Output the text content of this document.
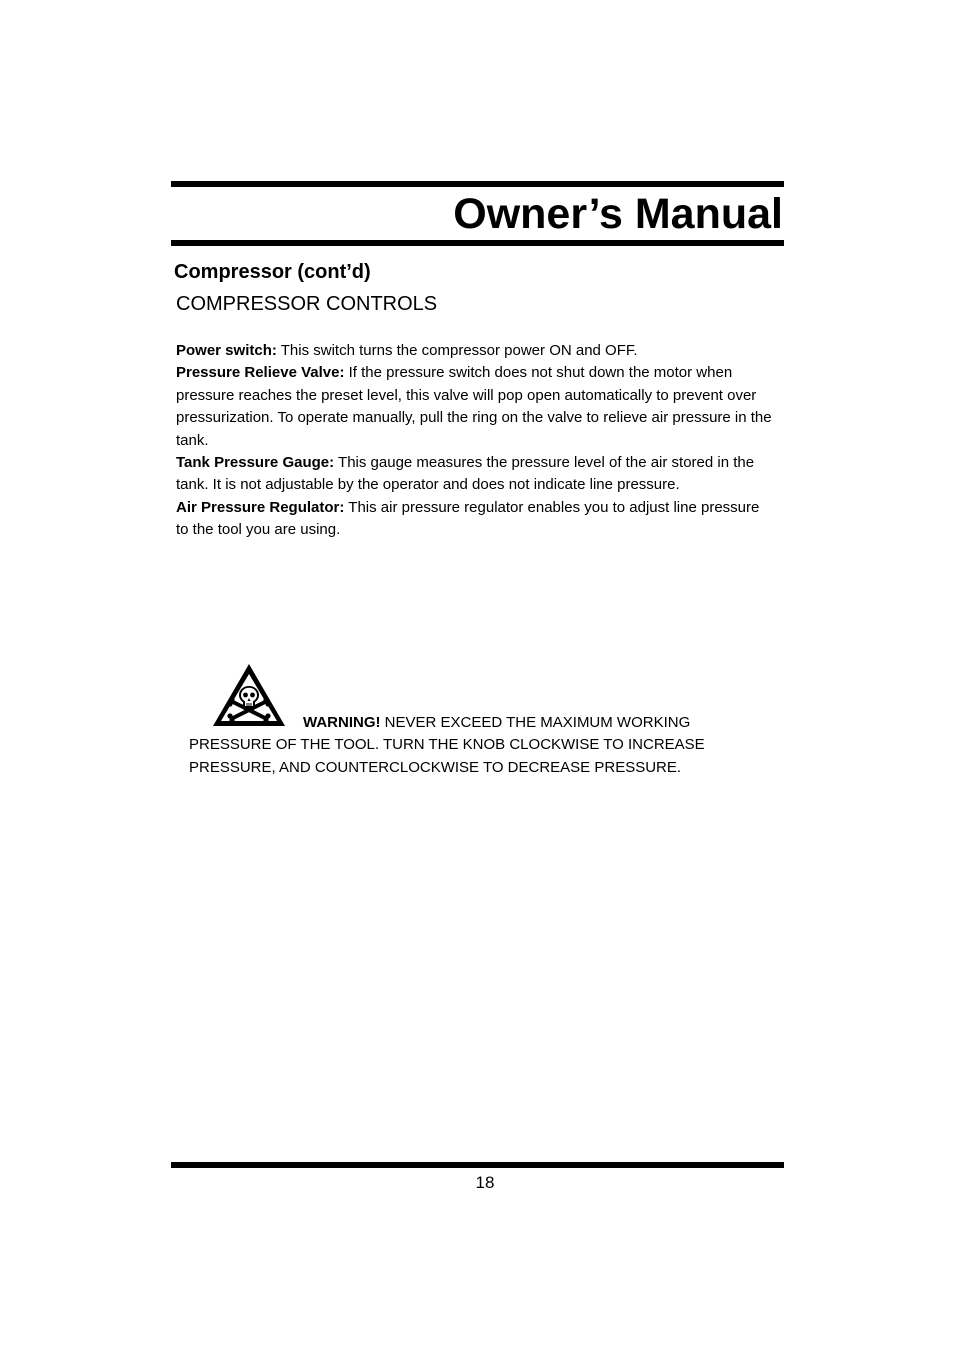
Owner’s Manual
Compressor (cont’d)
COMPRESSOR CONTROLS

Power switch: This switch turns the compressor power ON and OFF.

Pressure Relieve Valve: If the pressure switch does not shut down the motor when pressure reaches the preset level, this valve will pop open automatically to prevent over pressurization. To operate manually, pull the ring on the valve to relieve air pressure in the tank.

Tank Pressure Gauge: This gauge measures the pressure level of the air stored in the tank. It is not adjustable by the operator and does not indicate line pressure.

Air Pressure Regulator: This air pressure regulator enables you to adjust line pressure to the tool you are using.

WARNING! NEVER EXCEED THE MAXIMUM WORKING PRESSURE OF THE TOOL. TURN THE KNOB CLOCKWISE TO INCREASE PRESSURE, AND COUNTERCLOCKWISE TO DECREASE PRESSURE.

18
